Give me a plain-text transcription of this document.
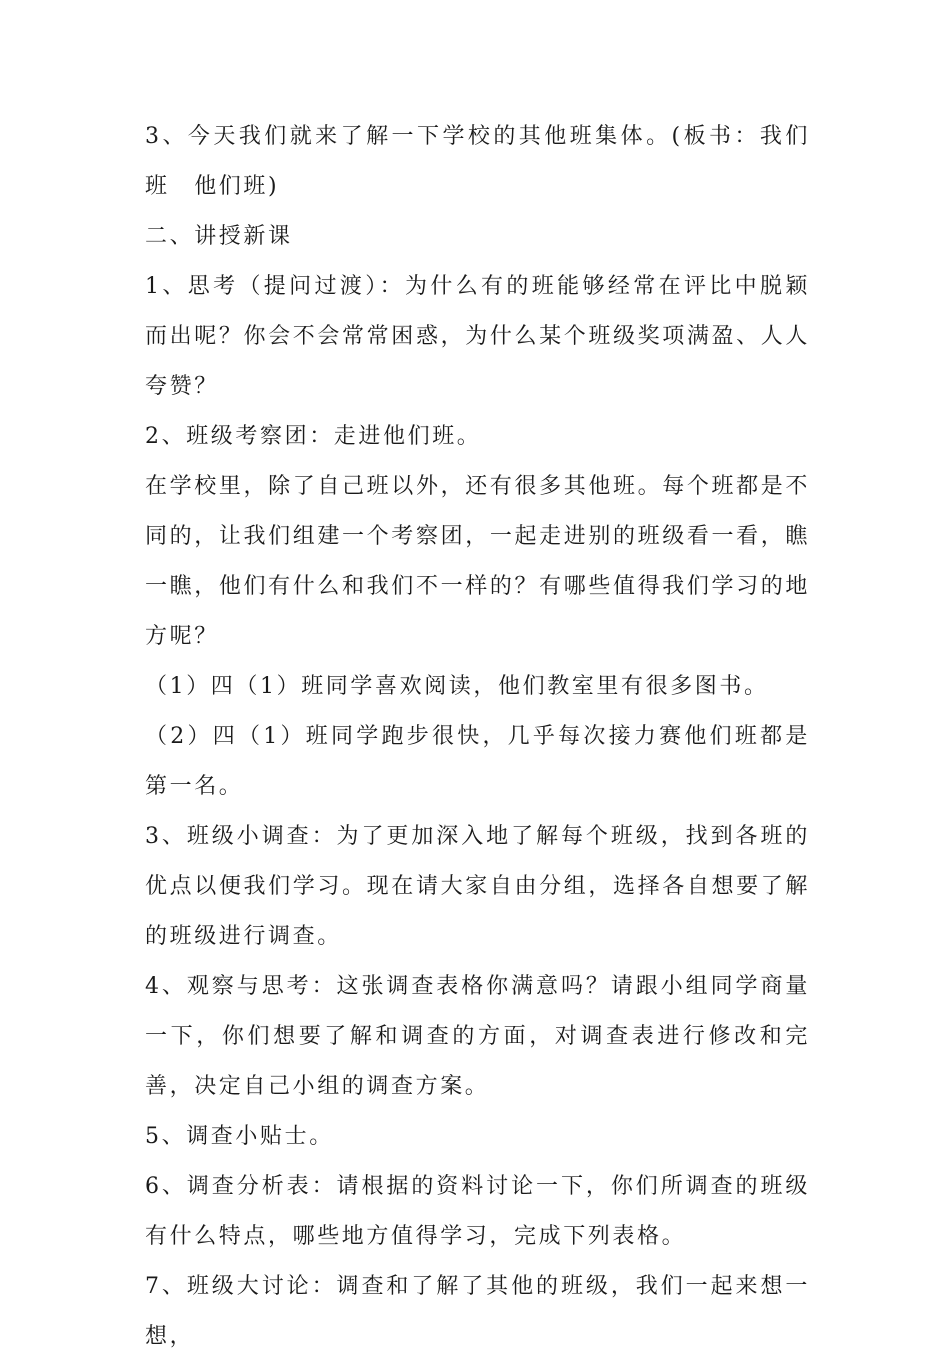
3、今天我们就来了解一下学校的其他班集体。(板书：我们班　他们班)

二、讲授新课

1、思考（提问过渡）：为什么有的班能够经常在评比中脱颖而出呢？你会不会常常困惑，为什么某个班级奖项满盈、人人夸赞？

2、班级考察团：走进他们班。

在学校里，除了自己班以外，还有很多其他班。每个班都是不同的，让我们组建一个考察团，一起走进别的班级看一看，瞧一瞧，他们有什么和我们不一样的？有哪些值得我们学习的地方呢？

（1）四（1）班同学喜欢阅读，他们教室里有很多图书。

（2）四（1）班同学跑步很快，几乎每次接力赛他们班都是第一名。

3、班级小调查：为了更加深入地了解每个班级，找到各班的优点以便我们学习。现在请大家自由分组，选择各自想要了解的班级进行调查。

4、观察与思考：这张调查表格你满意吗？请跟小组同学商量一下，你们想要了解和调查的方面，对调查表进行修改和完善，决定自己小组的调查方案。

5、调查小贴士。

6、调查分析表：请根据的资料讨论一下，你们所调查的班级有什么特点，哪些地方值得学习，完成下列表格。

7、班级大讨论：调查和了解了其他的班级，我们一起来想一想，
